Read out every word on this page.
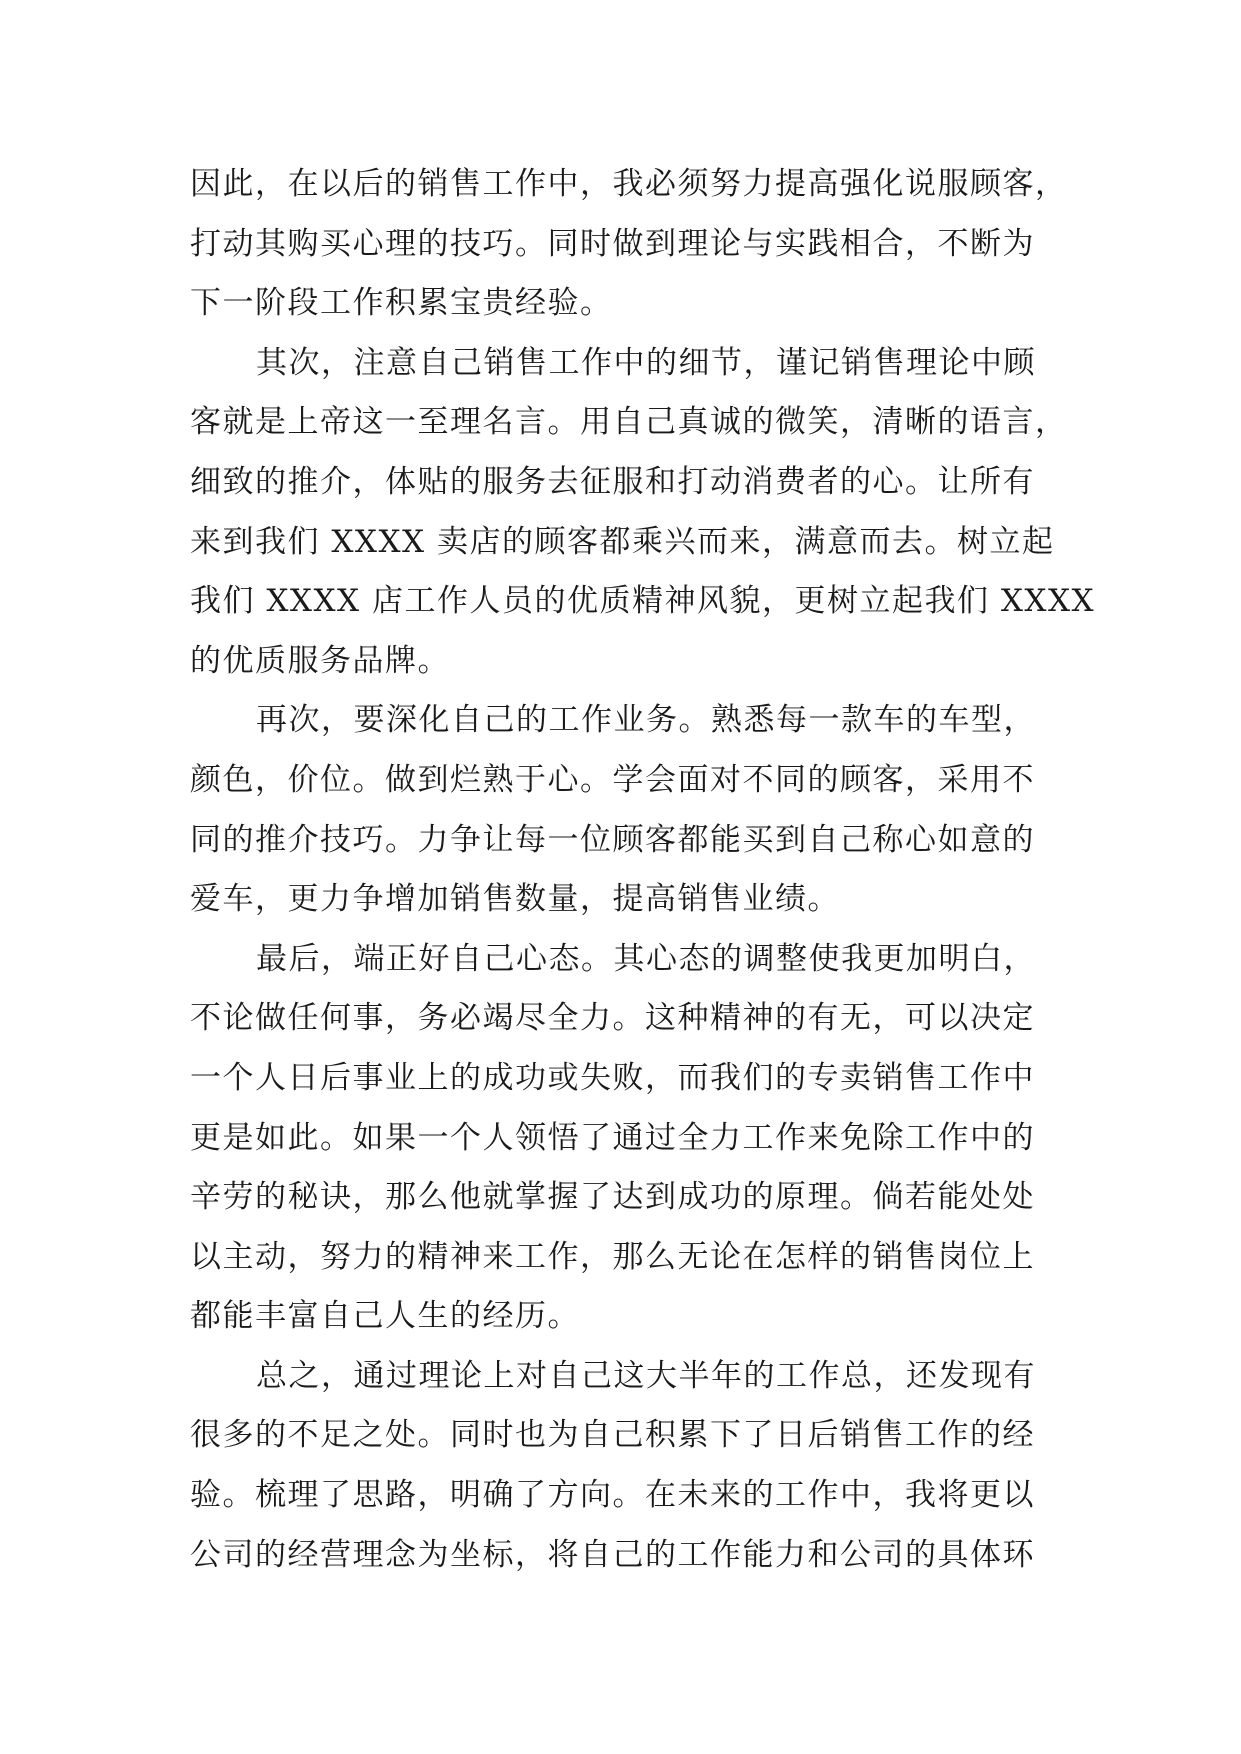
因此，在以后的销售工作中，我必须努力提高强化说服顾客，
打动其购买心理的技巧。同时做到理论与实践相合，不断为
下一阶段工作积累宝贵经验。
其次，注意自己销售工作中的细节，谨记销售理论中顾
客就是上帝这一至理名言。用自己真诚的微笑，清晰的语言，
细致的推介，体贴的服务去征服和打动消费者的心。让所有
来到我们 XXXX 卖店的顾客都乘兴而来，满意而去。树立起
我们 XXXX 店工作人员的优质精神风貌，更树立起我们 XXXX
的优质服务品牌。
再次，要深化自己的工作业务。熟悉每一款车的车型，
颜色，价位。做到烂熟于心。学会面对不同的顾客，采用不
同的推介技巧。力争让每一位顾客都能买到自己称心如意的
爱车，更力争增加销售数量，提高销售业绩。
最后，端正好自己心态。其心态的调整使我更加明白，
不论做任何事，务必竭尽全力。这种精神的有无，可以决定
一个人日后事业上的成功或失败，而我们的专卖销售工作中
更是如此。如果一个人领悟了通过全力工作来免除工作中的
辛劳的秘诀，那么他就掌握了达到成功的原理。倘若能处处
以主动，努力的精神来工作，那么无论在怎样的销售岗位上
都能丰富自己人生的经历。
总之，通过理论上对自己这大半年的工作总，还发现有
很多的不足之处。同时也为自己积累下了日后销售工作的经
验。梳理了思路，明确了方向。在未来的工作中，我将更以
公司的经营理念为坐标，将自己的工作能力和公司的具体环
